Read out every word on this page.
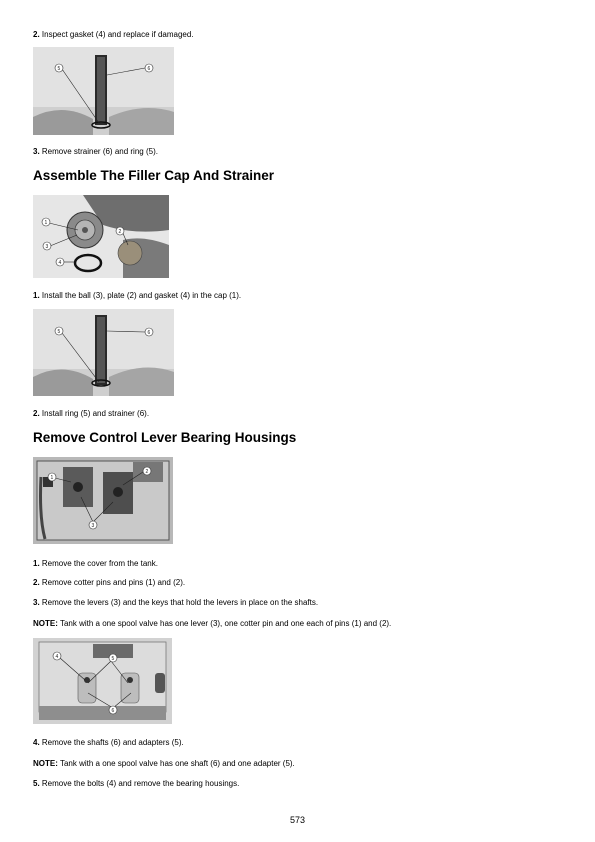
2. Inspect gasket (4) and replace if damaged.
5	6
3. Remove strainer (6) and ring (5).
Assemble The Filler Cap And Strainer
1
2
3
4
1. Install the ball (3), plate (2) and gasket (4) in the cap (1).
5	6
2. Install ring (5) and strainer (6).
Remove Control Lever Bearing Housings
1
2
3
1. Remove the cover from the tank.
2. Remove cotter pins and pins (1) and (2).
3. Remove the levers (3) and the keys that hold the levers in place on the shafts.
NOTE: Tank with a one spool valve has one lever (3), one cotter pin and one each of pins (1) and (2).
4	5
6
4. Remove the shafts (6) and adapters (5).
NOTE: Tank with a one spool valve has one shaft (6) and one adapter (5).
5. Remove the bolts (4) and remove the bearing housings.
573
